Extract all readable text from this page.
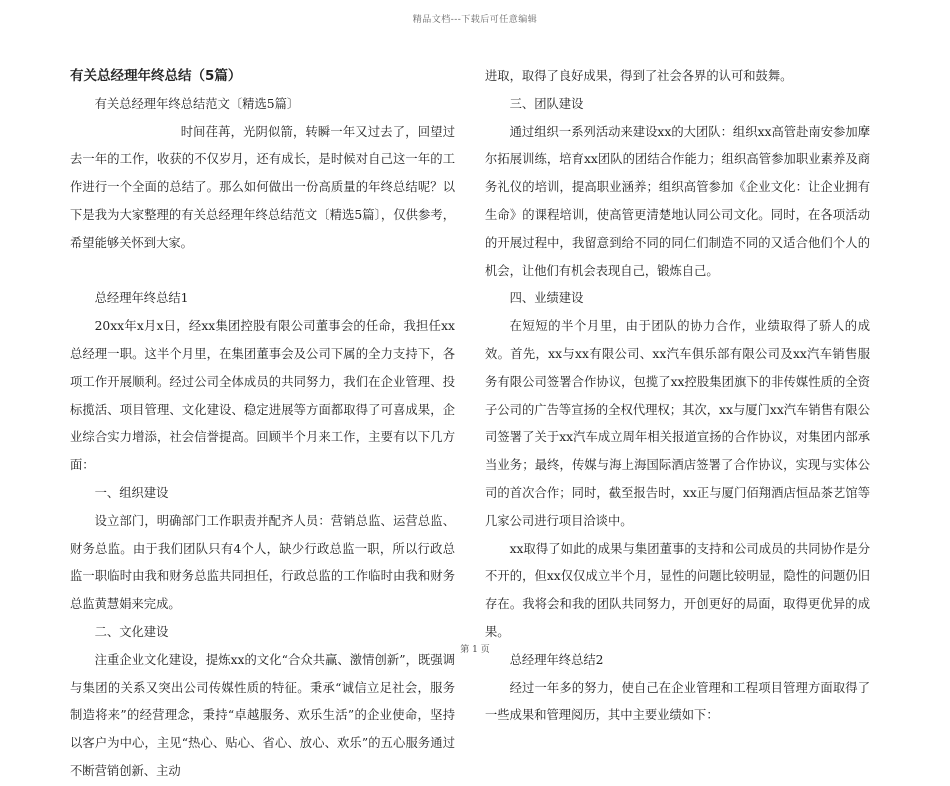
精品文档---下载后可任意编辑

有关总经理年终总结（5篇）

有关总经理年终总结范文〔精选5篇〕

时间荏苒，光阴似箭，转瞬一年又过去了，回望过去一年的工作，收获的不仅岁月，还有成长，是时候对自己这一年的工作进行一个全面的总结了。那么如何做出一份高质量的年终总结呢？以下是我为大家整理的有关总经理年终总结范文〔精选5篇〕，仅供参考，希望能够关怀到大家。

总经理年终总结1

20xx年x月x日，经xx集团控股有限公司董事会的任命，我担任xx总经理一职。这半个月里，在集团董事会及公司下属的全力支持下，各项工作开展顺利。经过公司全体成员的共同努力，我们在企业管理、投标揽活、项目管理、文化建设、稳定进展等方面都取得了可喜成果，企业综合实力增添，社会信誉提高。回顾半个月来工作，主要有以下几方面：

一、组织建设

设立部门，明确部门工作职责并配齐人员：营销总监、运营总监、财务总监。由于我们团队只有4个人，缺少行政总监一职，所以行政总监一职临时由我和财务总监共同担任，行政总监的工作临时由我和财务总监黄慧娟来完成。

二、文化建设

注重企业文化建设，提炼xx的文化“合众共赢、激情创新”，既强调与集团的关系又突出公司传媒性质的特征。秉承“诚信立足社会，服务制造将来”的经营理念，秉持“卓越服务、欢乐生活”的企业使命，坚持以客户为中心，主见“热心、贴心、省心、放心、欢乐”的五心服务通过不断营销创新、主动

进取，取得了良好成果，得到了社会各界的认可和鼓舞。

三、团队建设

通过组织一系列活动来建设xx的大团队：组织xx高管赴南安参加摩尔拓展训练，培育xx团队的团结合作能力；组织高管参加职业素养及商务礼仪的培训，提高职业涵养；组织高管参加《企业文化：让企业拥有生命》的课程培训，使高管更清楚地认同公司文化。同时，在各项活动的开展过程中，我留意到给不同的同仁们制造不同的又适合他们个人的机会，让他们有机会表现自己，锻炼自己。

四、业绩建设

在短短的半个月里，由于团队的协力合作，业绩取得了骄人的成效。首先，xx与xx有限公司、xx汽车俱乐部有限公司及xx汽车销售服务有限公司签署合作协议，包揽了xx控股集团旗下的非传媒性质的全资子公司的广告等宣扬的全权代理权；其次，xx与厦门xx汽车销售有限公司签署了关于xx汽车成立周年相关报道宣扬的合作协议，对集团内部承当业务；最终，传媒与海上海国际酒店签署了合作协议，实现与实体公司的首次合作；同时，截至报告时，xx正与厦门佰翔酒店恒品茶艺馆等几家公司进行项目洽谈中。

xx取得了如此的成果与集团董事的支持和公司成员的共同协作是分不开的，但xx仅仅成立半个月，显性的问题比较明显，隐性的问题仍旧存在。我将会和我的团队共同努力，开创更好的局面，取得更优异的成果。

总经理年终总结2

经过一年多的努力，使自己在企业管理和工程项目管理方面取得了一些成果和管理阅历，其中主要业绩如下：

第 1 页
